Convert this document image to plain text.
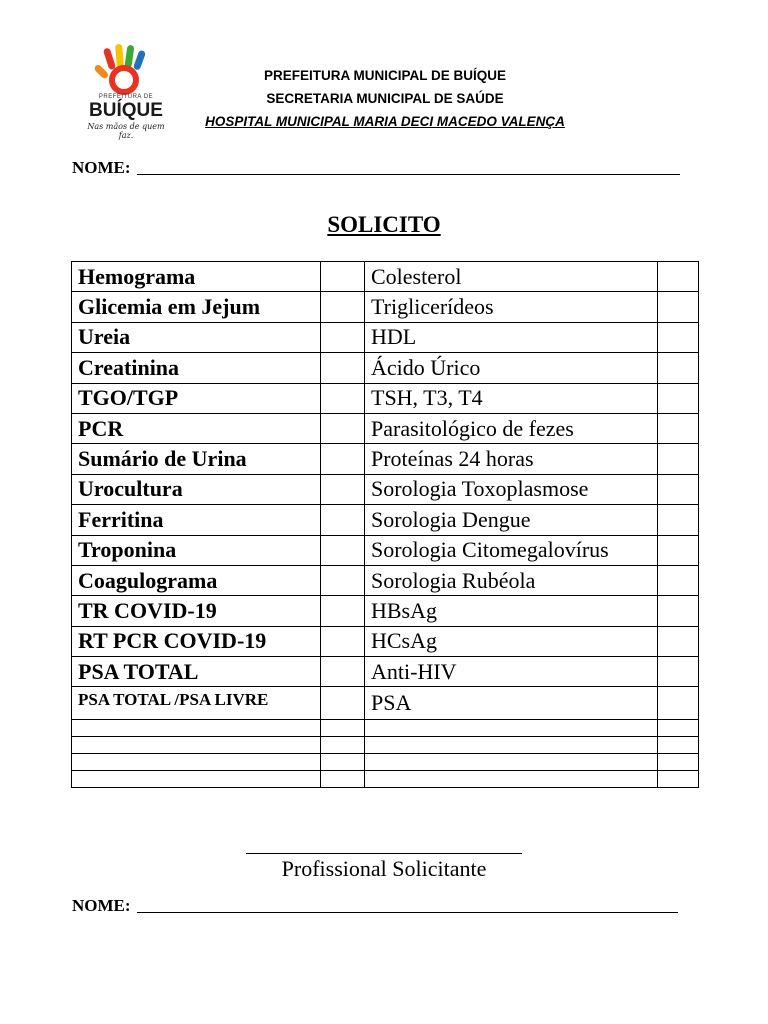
PREFEITURA DE
BUÍQUE
Nas mãos de quem faz.
PREFEITURA MUNICIPAL DE BUÍQUE
SECRETARIA MUNICIPAL DE SAÚDE
HOSPITAL MUNICIPAL MARIA DECI MACEDO VALENÇA
NOME:
SOLICITO
Hemograma		Colesterol	
Glicemia em Jejum		Triglicerídeos	
Ureia		HDL	
Creatinina		Ácido Úrico	
TGO/TGP		TSH, T3, T4	
PCR		Parasitológico de fezes	
Sumário de Urina		Proteínas 24 horas	
Urocultura		Sorologia Toxoplasmose	
Ferritina		Sorologia Dengue	
Troponina		Sorologia Citomegalovírus	
Coagulograma		Sorologia Rubéola	
TR COVID-19		HBsAg	
RT PCR COVID-19		HCsAg	
PSA TOTAL		Anti-HIV	
PSA TOTAL /PSA LIVRE		PSA	

Profissional Solicitante
NOME:
